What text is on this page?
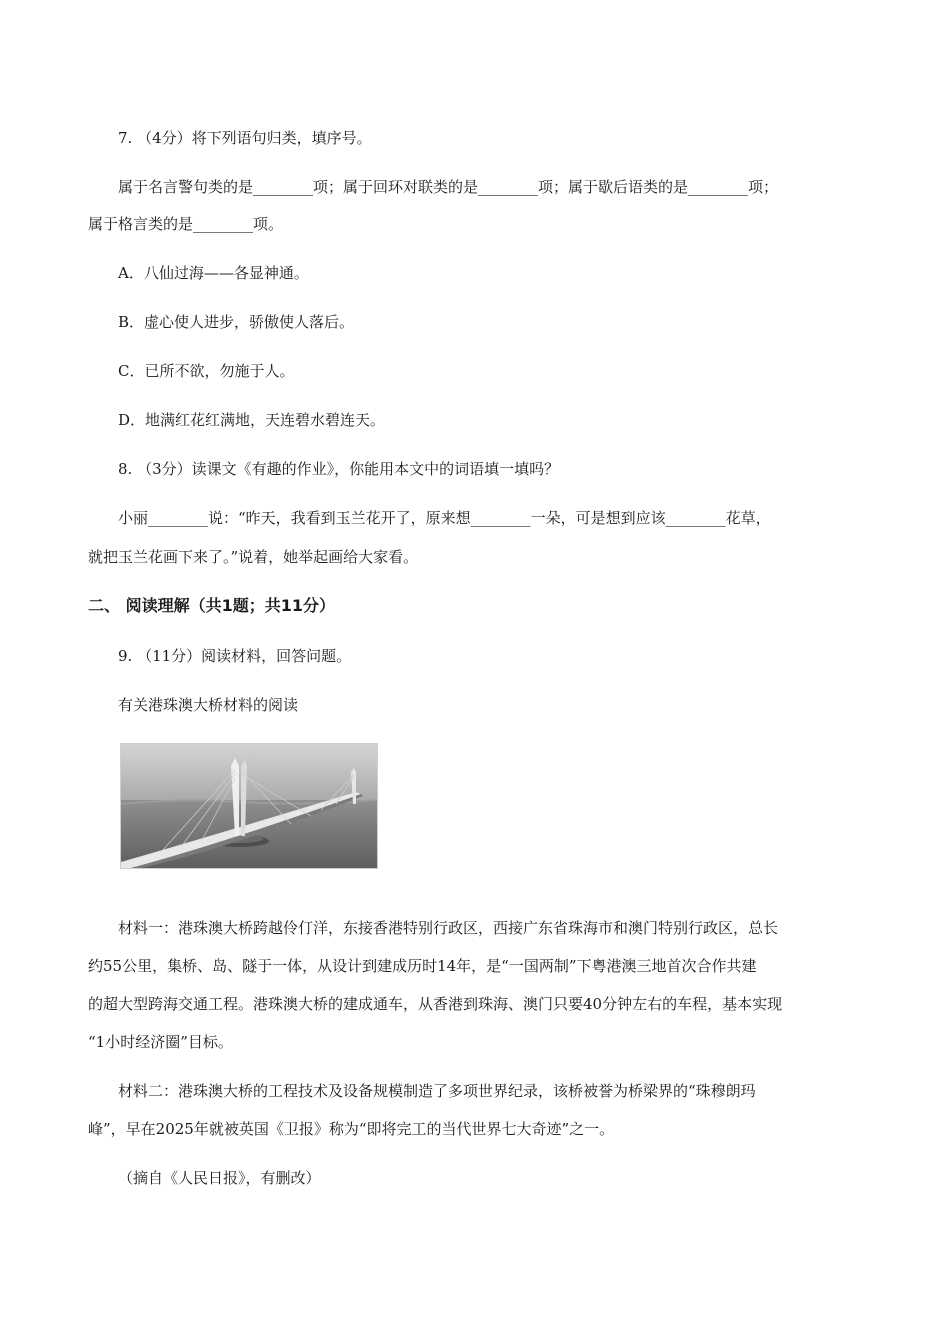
7. （4分）将下列语句归类，填序号。
属于名言警句类的是________项；属于回环对联类的是________项；属于歇后语类的是________项；
属于格言类的是________项。
A．八仙过海——各显神通。
B．虚心使人进步，骄傲使人落后。
C．已所不欲，勿施于人。
D．地满红花红满地，天连碧水碧连天。
8. （3分）读课文《有趣的作业》，你能用本文中的词语填一填吗？
小丽________说：“昨天，我看到玉兰花开了，原来想________一朵，可是想到应该________花草，
就把玉兰花画下来了。”说着，她举起画给大家看。
二、 阅读理解（共1题；共11分）
9. （11分）阅读材料，回答问题。
有关港珠澳大桥材料的阅读
材料一：港珠澳大桥跨越伶仃洋，东接香港特别行政区，西接广东省珠海市和澳门特别行政区，总长
约55公里，集桥、岛、隧于一体，从设计到建成历时14年，是“一国两制”下粤港澳三地首次合作共建
的超大型跨海交通工程。港珠澳大桥的建成通车，从香港到珠海、澳门只要40分钟左右的车程，基本实现
“1小时经济圈”目标。
材料二：港珠澳大桥的工程技术及设备规模制造了多项世界纪录，该桥被誉为桥梁界的“珠穆朗玛
峰”，早在2025年就被英国《卫报》称为“即将完工的当代世界七大奇迹”之一。
（摘自《人民日报》，有删改）
